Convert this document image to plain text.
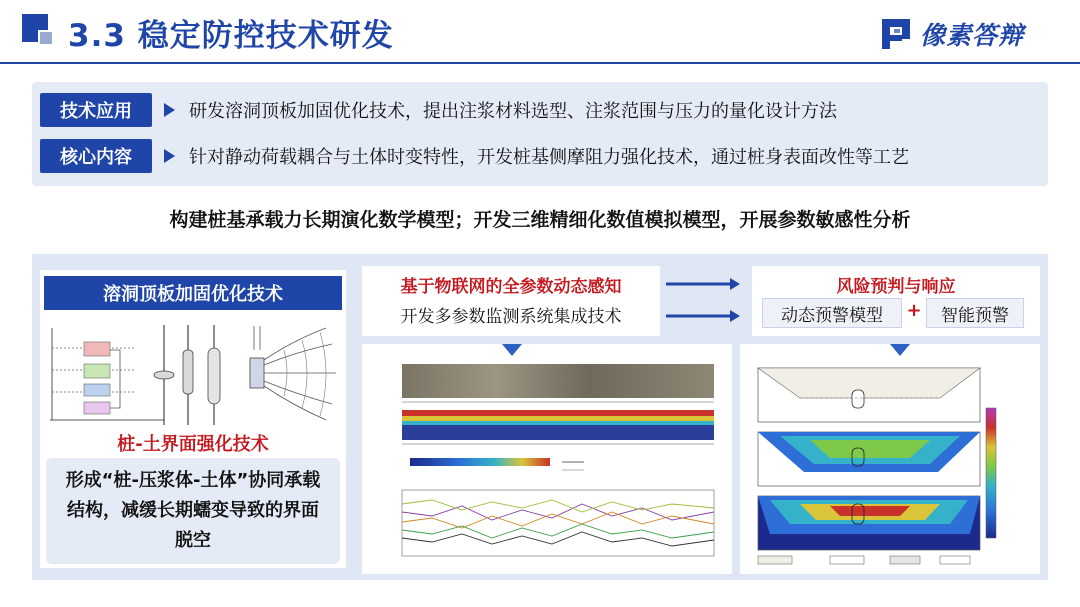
3.3 稳定防控技术研发	像素答辩
技术应用	研发溶洞顶板加固优化技术，提出注浆材料选型、注浆范围与压力的量化设计方法
核心内容	针对静动荷载耦合与土体时变特性，开发桩基侧摩阻力强化技术，通过桩身表面改性等工艺
构建桩基承载力长期演化数学模型；开发三维精细化数值模拟模型，开展参数敏感性分析
溶洞顶板加固优化技术
桩-土界面强化技术
形成“桩-压浆体-土体”协同承载结构，减缓长期蠕变导致的界面脱空
基于物联网的全参数动态感知
开发多参数监测系统集成技术
风险预判与响应
动态预警模型	+	智能预警
